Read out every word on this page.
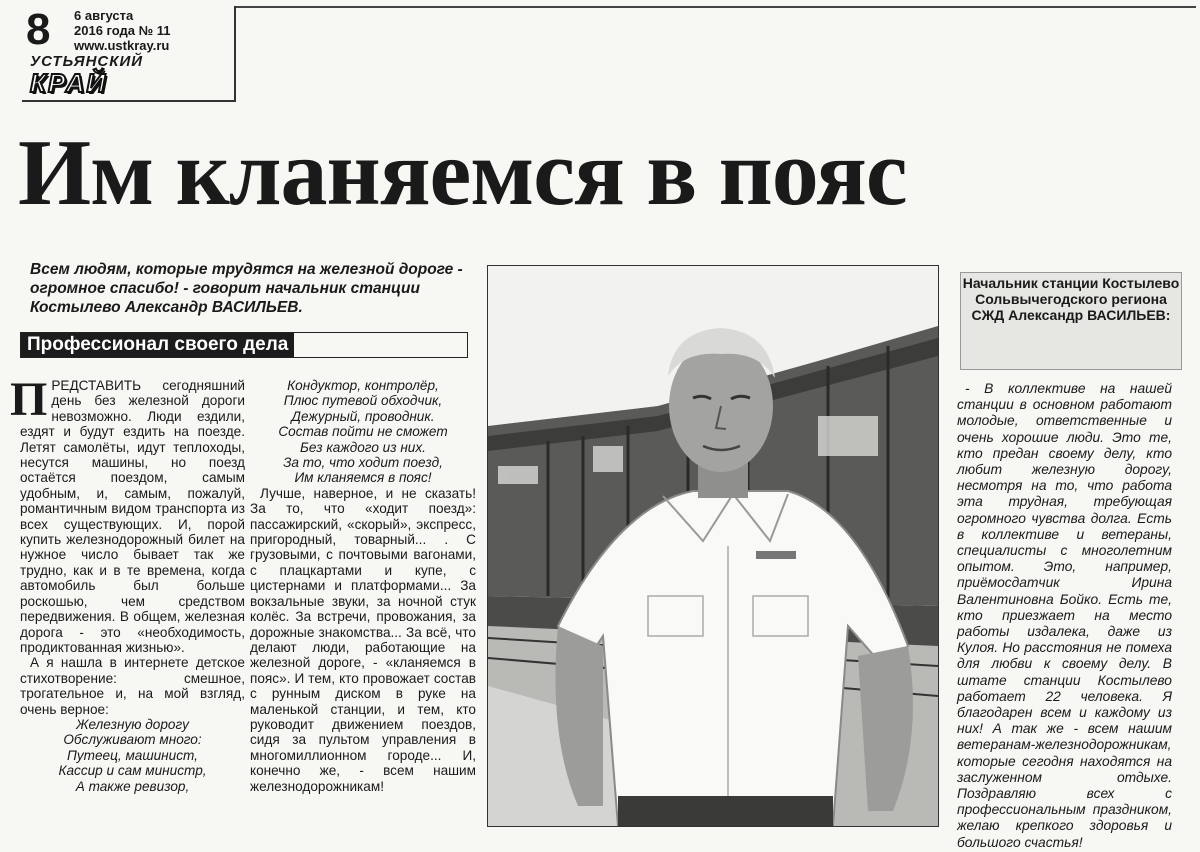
8 6 августа
2016 года № 11
www.ustkray.ru
УСТЬЯНСКИЙ
КРАЙ
Им кланяемся в пояс

Всем людям, которые трудятся на железной дороге - огромное спасибо! - говорит начальник станции Костылево Александр ВАСИЛЬЕВ.

Профессионал своего дела

ПРЕДСТАВИТЬ сегодняшний день без железной дороги невозможно. Люди ездили, ездят и будут ездить на поезде. Летят самолёты, идут теплоходы, несутся машины, но поезд остаётся поездом, самым удобным, и, самым, пожалуй, романтичным видом транспорта из всех существующих. И, порой купить железнодорожный билет на нужное число бывает так же трудно, как и в те времена, когда автомобиль был больше роскошью, чем средством передвижения. В общем, железная дорога - это «необходимость, продиктованная жизнью».

А я нашла в интернете детское стихотворение: смешное, трогательное и, на мой взгляд, очень верное:

Железную дорогу
Обслуживают много:
Путеец, машинист,
Кассир и сам министр,
А также ревизор,
Кондуктор, контролёр,
Плюс путевой обходчик,
Дежурный, проводник.
Состав пойти не сможет
Без каждого из них.
За то, что ходит поезд,
Им кланяемся в пояс!

Лучше, наверное, и не сказать! За то, что «ходит поезд»: пассажирский, «скорый», экспресс, пригородный, товарный... . С грузовыми, с почтовыми вагонами, с плацкартами и купе, с цистернами и платформами... За вокзальные звуки, за ночной стук колёс. За встречи, провожания, за дорожные знакомства... За всё, что делают люди, работающие на железной дороге, - «кланяемся в пояс». И тем, кто провожает состав с рунным диском в руке на маленькой станции, и тем, кто руководит движением поездов, сидя за пультом управления в многомиллионном городе... И, конечно же, - всем нашим железнодорожникам!

Начальник станции Костылево Сольвычегодского региона СЖД Александр ВАСИЛЬЕВ:

- В коллективе на нашей станции в основном работают молодые, ответственные и очень хорошие люди. Это те, кто предан своему делу, кто любит железную дорогу, несмотря на то, что работа эта трудная, требующая огромного чувства долга. Есть в коллективе и ветераны, специалисты с многолетним опытом. Это, например, приёмосдатчик Ирина Валентиновна Бойко. Есть те, кто приезжает на место работы издалека, даже из Кулоя. Но расстояния не помеха для любви к своему делу. В штате станции Костылево работает 22 человека. Я благодарен всем и каждому из них! А так же - всем нашим ветеранам-железнодорожникам, которые сегодня находятся на заслуженном отдыхе. Поздравляю всех с профессиональным праздником, желаю крепкого здоровья и большого счастья!
